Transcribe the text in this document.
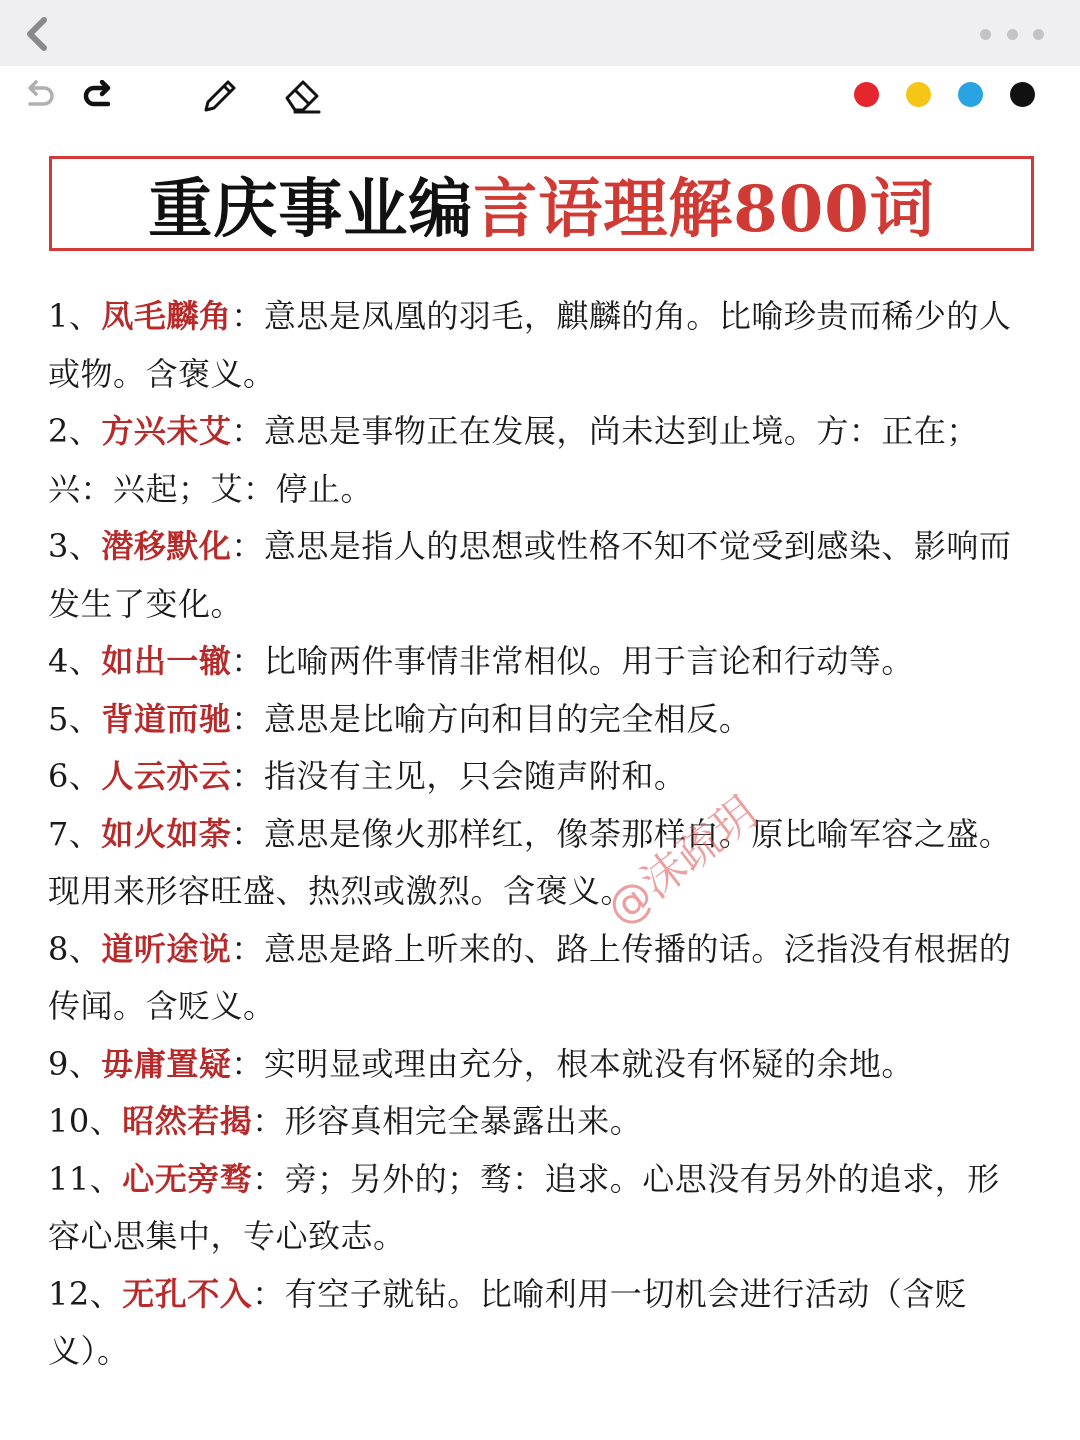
重庆事业编 言语理解800词

1、凤毛麟角：意思是凤凰的羽毛，麒麟的角。比喻珍贵而稀少的人或物。含褒义。

2、方兴未艾：意思是事物正在发展，尚未达到止境。方：正在；兴：兴起；艾：停止。

3、潜移默化：意思是指人的思想或性格不知不觉受到感染、影响而发生了变化。

4、如出一辙：比喻两件事情非常相似。用于言论和行动等。

5、背道而驰：意思是比喻方向和目的完全相反。

6、人云亦云：指没有主见，只会随声附和。

7、如火如荼：意思是像火那样红，像荼那样白。原比喻军容之盛。现用来形容旺盛、热烈或激烈。含褒义。

8、道听途说：意思是路上听来的、路上传播的话。泛指没有根据的传闻。含贬义。

9、毋庸置疑：实明显或理由充分，根本就没有怀疑的余地。

10、昭然若揭：形容真相完全暴露出来。

11、心无旁骛：旁；另外的；骛：追求。心思没有另外的追求，形容心思集中，专心致志。

12、无孔不入：有空子就钻。比喻利用一切机会进行活动（含贬义）。

@沫疏玥
